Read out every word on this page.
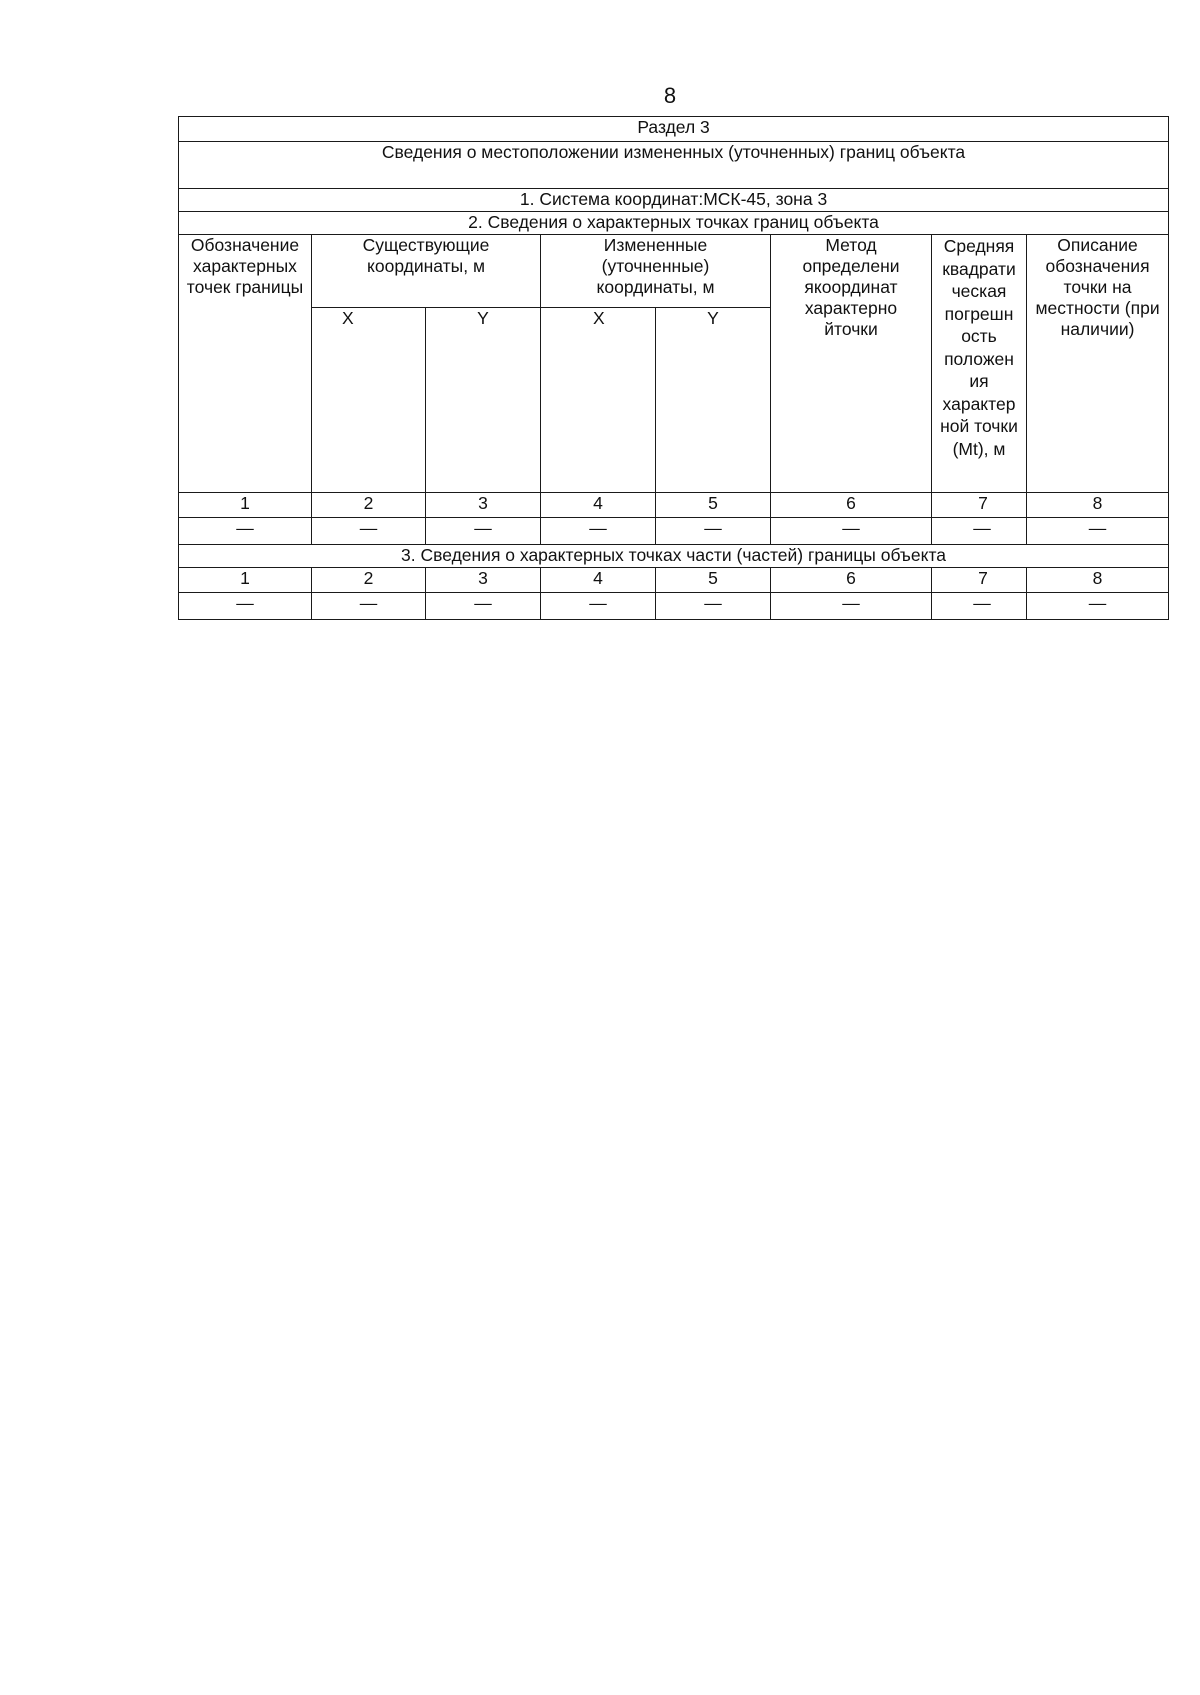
8
Раздел 3							
Сведения о местоположении измененных (уточненных) границ объекта							
1. Система координат:МСК-45, зона 3							
2. Сведения о характерных точках границ объекта							
Обозначение характерных точек границы	Существующие координаты, м		Измененные (уточненные) координаты, м		Метод определени якоординат характерно йточки	Средняя квадрати ческая погрешн ость положен ия характер ной точки (Mt), м	Описание обозначения точки на местности (при наличии)
	X	Y	X	Y			
1	2	3	4	5	6	7	8
—	—	—	—	—	—	—	—
3. Сведения о характерных точках части (частей) границы объекта							
1	2	3	4	5	6	7	8
—	—	—	—	—	—	—	—
